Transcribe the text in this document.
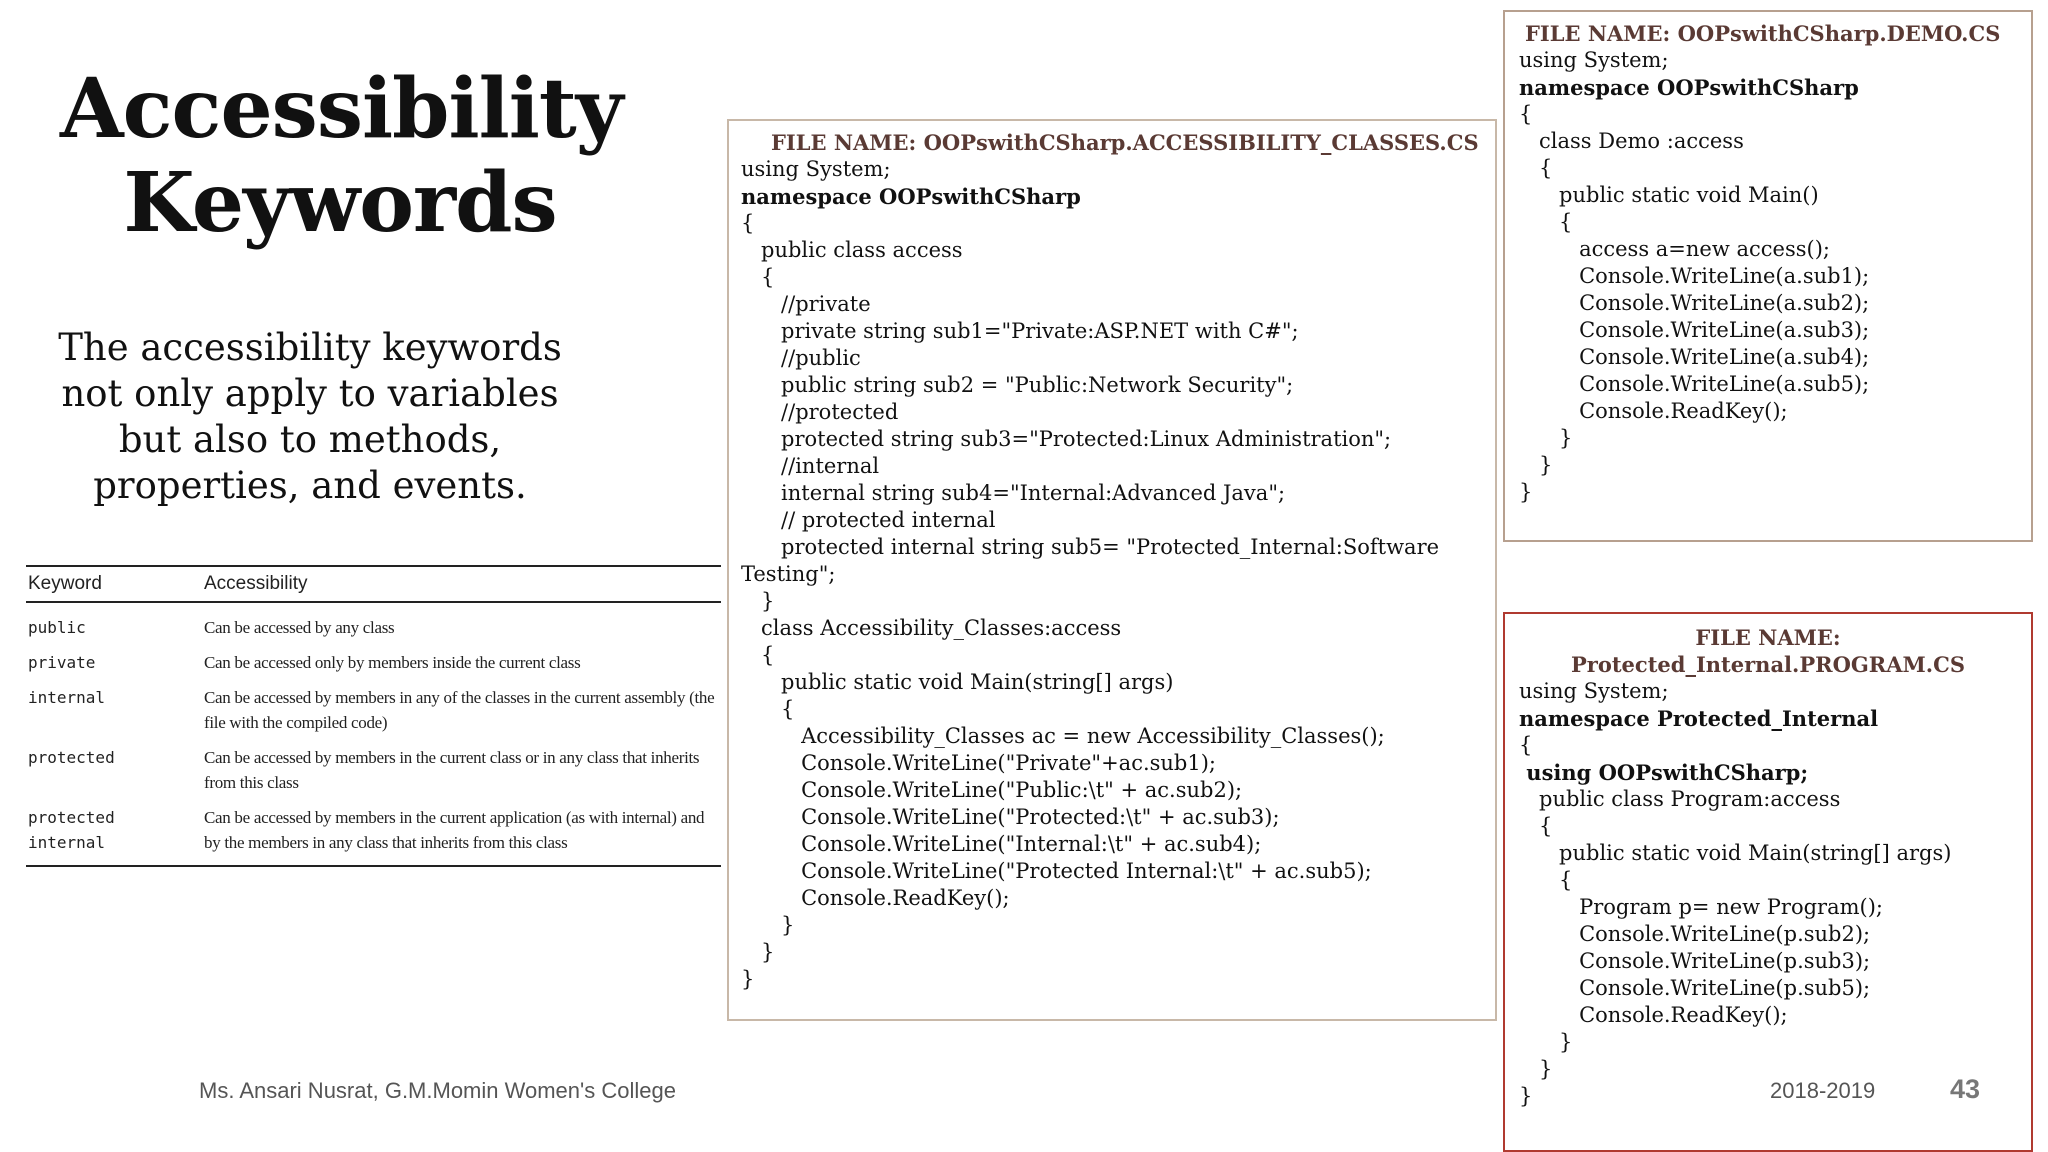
Accessibility
Keywords
The accessibility keywords not only apply to variables but also to methods, properties, and events.
Keyword	Accessibility
public	Can be accessed by any class
private	Can be accessed only by members inside the current class
internal	Can be accessed by members in any of the classes in the current assembly (the file with the compiled code)
protected	Can be accessed by members in the current class or in any class that inherits from this class
protected internal	Can be accessed by members in the current application (as with internal) and by the members in any class that inherits from this class
FILE NAME: OOPswithCSharp.ACCESSIBILITY_CLASSES.CS
using System;
namespace OOPswithCSharp
{
public class access
{
//private
private string sub1="Private:ASP.NET with C#";
//public
public string sub2 = "Public:Network Security";
//protected
protected string sub3="Protected:Linux Administration";
//internal
internal string sub4="Internal:Advanced Java";
// protected internal
protected internal string sub5= "Protected_Internal:Software
Testing";
}
class Accessibility_Classes:access
{
public static void Main(string[] args)
{
Accessibility_Classes ac = new Accessibility_Classes();
Console.WriteLine("Private"+ac.sub1);
Console.WriteLine("Public:\t" + ac.sub2);
Console.WriteLine("Protected:\t" + ac.sub3);
Console.WriteLine("Internal:\t" + ac.sub4);
Console.WriteLine("Protected Internal:\t" + ac.sub5);
Console.ReadKey();
}
}
}
FILE NAME: OOPswithCSharp.DEMO.CS
using System;
namespace OOPswithCSharp
{
class Demo :access
{
public static void Main()
{
access a=new access();
Console.WriteLine(a.sub1);
Console.WriteLine(a.sub2);
Console.WriteLine(a.sub3);
Console.WriteLine(a.sub4);
Console.WriteLine(a.sub5);
Console.ReadKey();
}
}
}
FILE NAME:
Protected_Internal.PROGRAM.CS
using System;
namespace Protected_Internal
{
using OOPswithCSharp;
public class Program:access
{
public static void Main(string[] args)
{
Program p= new Program();
Console.WriteLine(p.sub2);
Console.WriteLine(p.sub3);
Console.WriteLine(p.sub5);
Console.ReadKey();
}
}
}
Ms. Ansari Nusrat, G.M.Momin Women's College	2018-2019	43
